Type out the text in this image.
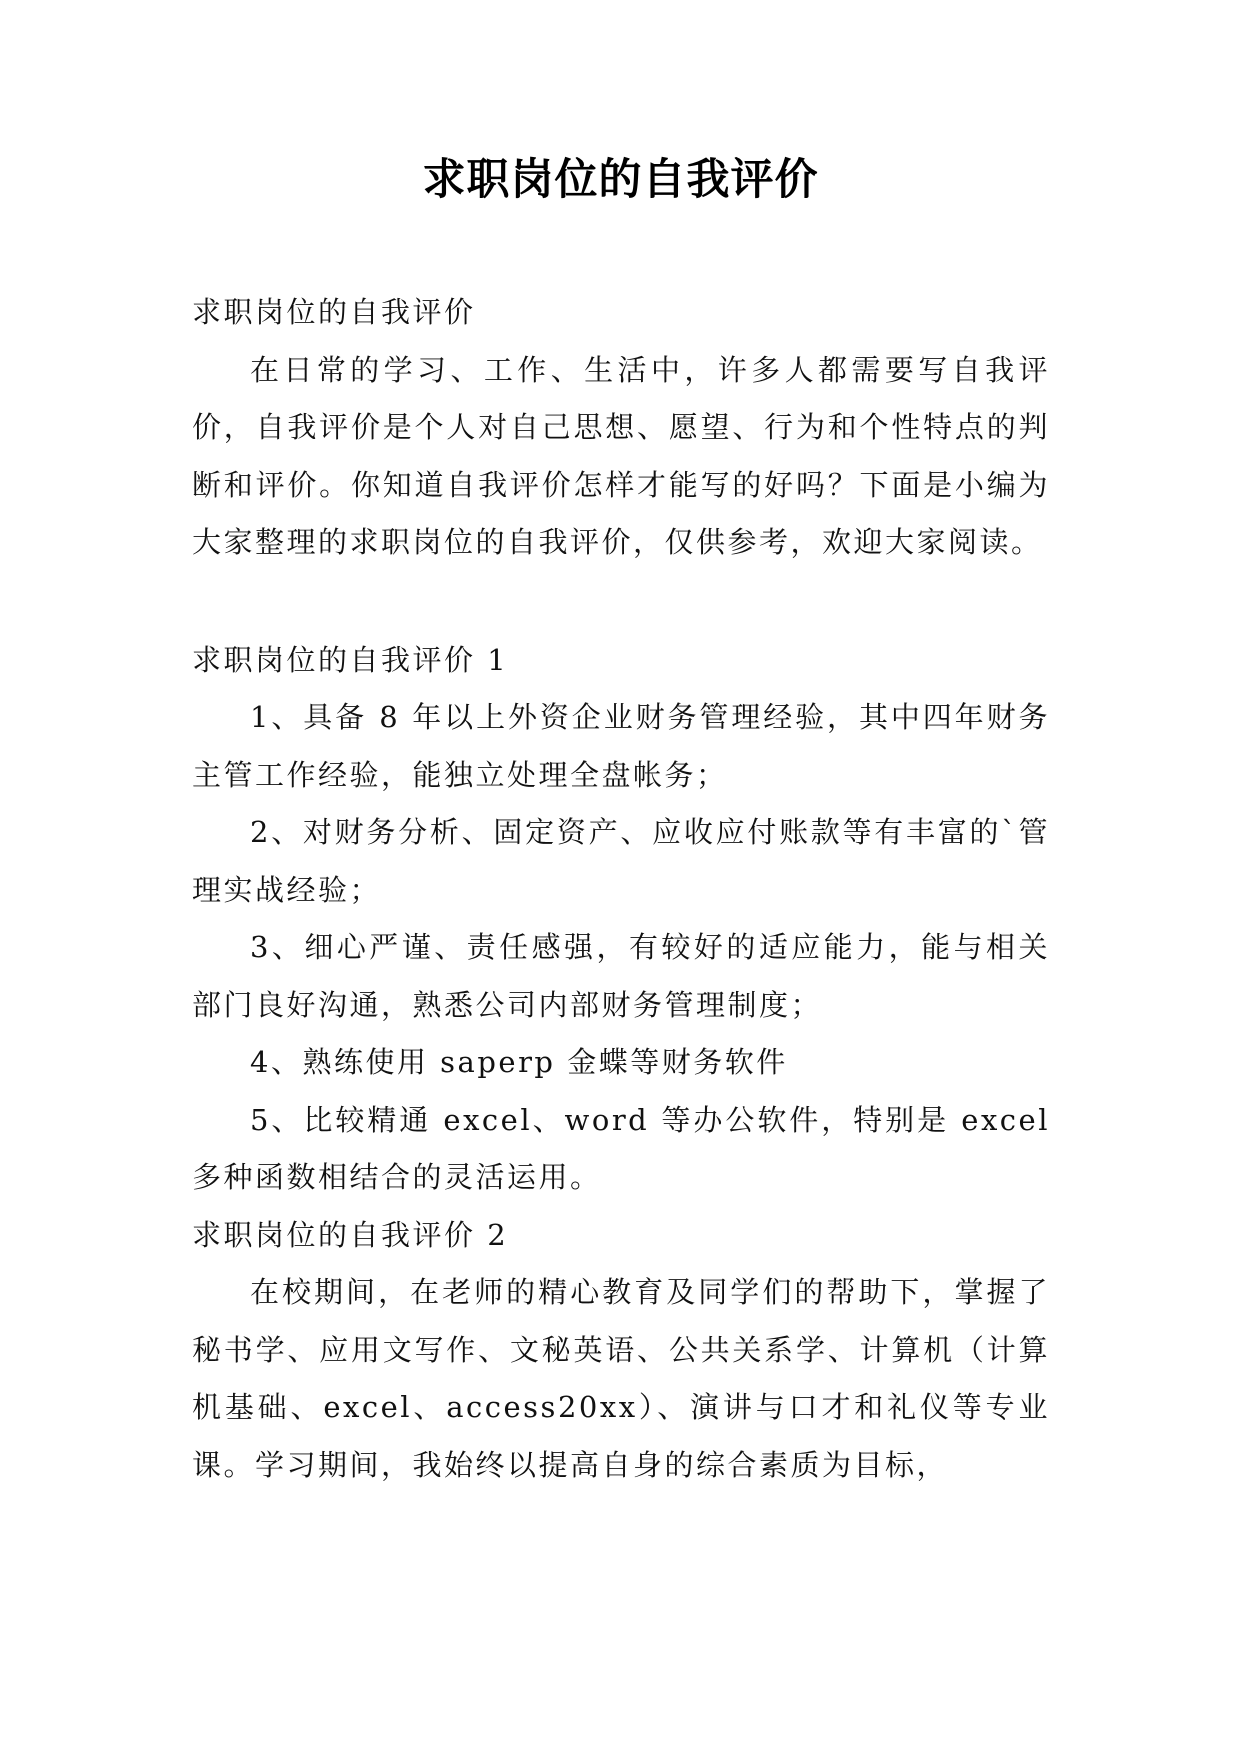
求职岗位的自我评价

求职岗位的自我评价

在日常的学习、工作、生活中，许多人都需要写自我评价，自我评价是个人对自己思想、愿望、行为和个性特点的判断和评价。你知道自我评价怎样才能写的好吗？下面是小编为大家整理的求职岗位的自我评价，仅供参考，欢迎大家阅读。

求职岗位的自我评价 1

1、具备 8 年以上外资企业财务管理经验，其中四年财务主管工作经验，能独立处理全盘帐务；

2、对财务分析、固定资产、应收应付账款等有丰富的`管理实战经验；

3、细心严谨、责任感强，有较好的适应能力，能与相关部门良好沟通，熟悉公司内部财务管理制度；

4、熟练使用 saperp 金蝶等财务软件

5、比较精通 excel、word 等办公软件，特别是 excel 多种函数相结合的灵活运用。

求职岗位的自我评价 2

在校期间，在老师的精心教育及同学们的帮助下，掌握了秘书学、应用文写作、文秘英语、公共关系学、计算机（计算机基础、excel、access20xx）、演讲与口才和礼仪等专业课。学习期间，我始终以提高自身的综合素质为目标，
